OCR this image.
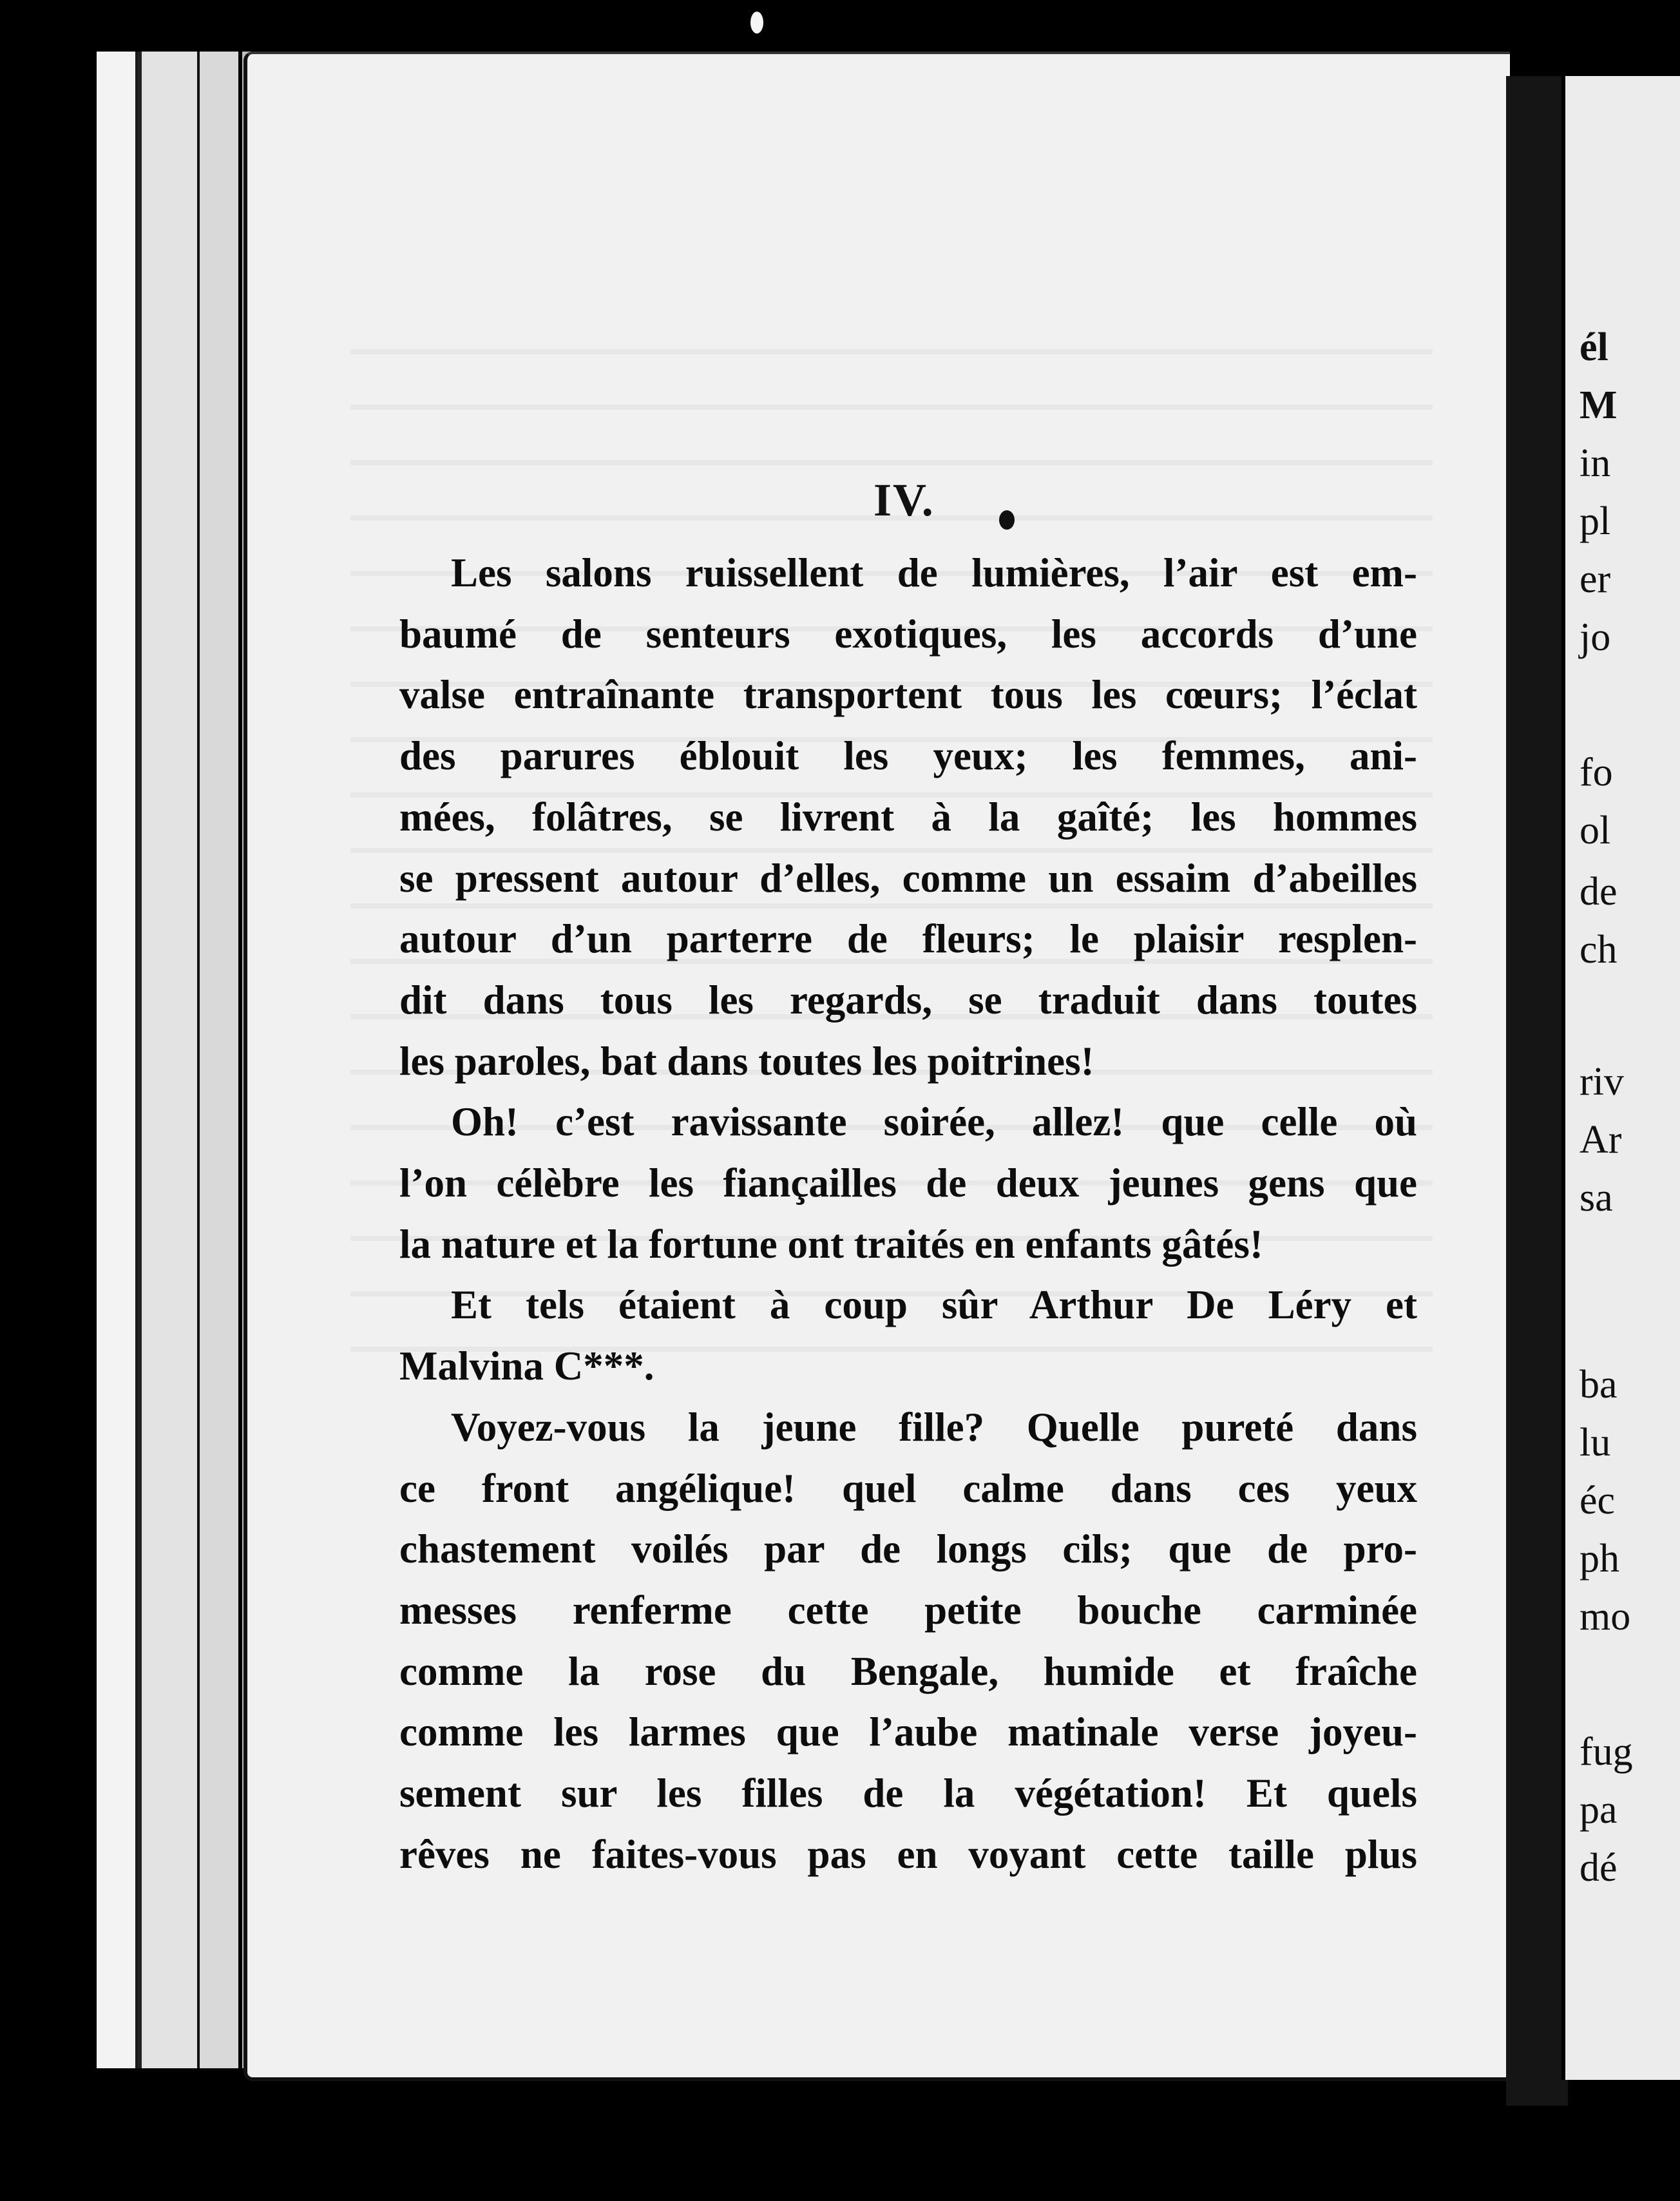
IV.

Les salons ruissellent de lumières, l’air est em-
baumé de senteurs exotiques, les accords d’une
valse entraînante transportent tous les cœurs; l’éclat
des parures éblouit les yeux; les femmes, ani-
mées, folâtres, se livrent à la gaîté; les hommes
se pressent autour d’elles, comme un essaim d’abeilles
autour d’un parterre de fleurs; le plaisir resplen-
dit dans tous les regards, se traduit dans toutes
les paroles, bat dans toutes les poitrines!

Oh! c’est ravissante soirée, allez! que celle où
l’on célèbre les fiançailles de deux jeunes gens que
la nature et la fortune ont traités en enfants gâtés!

Et tels étaient à coup sûr Arthur De Léry et
Malvina C***.

Voyez-vous la jeune fille? Quelle pureté dans
ce front angélique! quel calme dans ces yeux
chastement voilés par de longs cils; que de pro-
messes renferme cette petite bouche carminée
comme la rose du Bengale, humide et fraîche
comme les larmes que l’aube matinale verse joyeu-
sement sur les filles de la végétation! Et quels
rêves ne faites-vous pas en voyant cette taille plus

él
M
in
pl
er
jo
fo
ol
de
ch
riv
Ar
sa
ba
lu
éc
ph
mo
fug
pa
dé
